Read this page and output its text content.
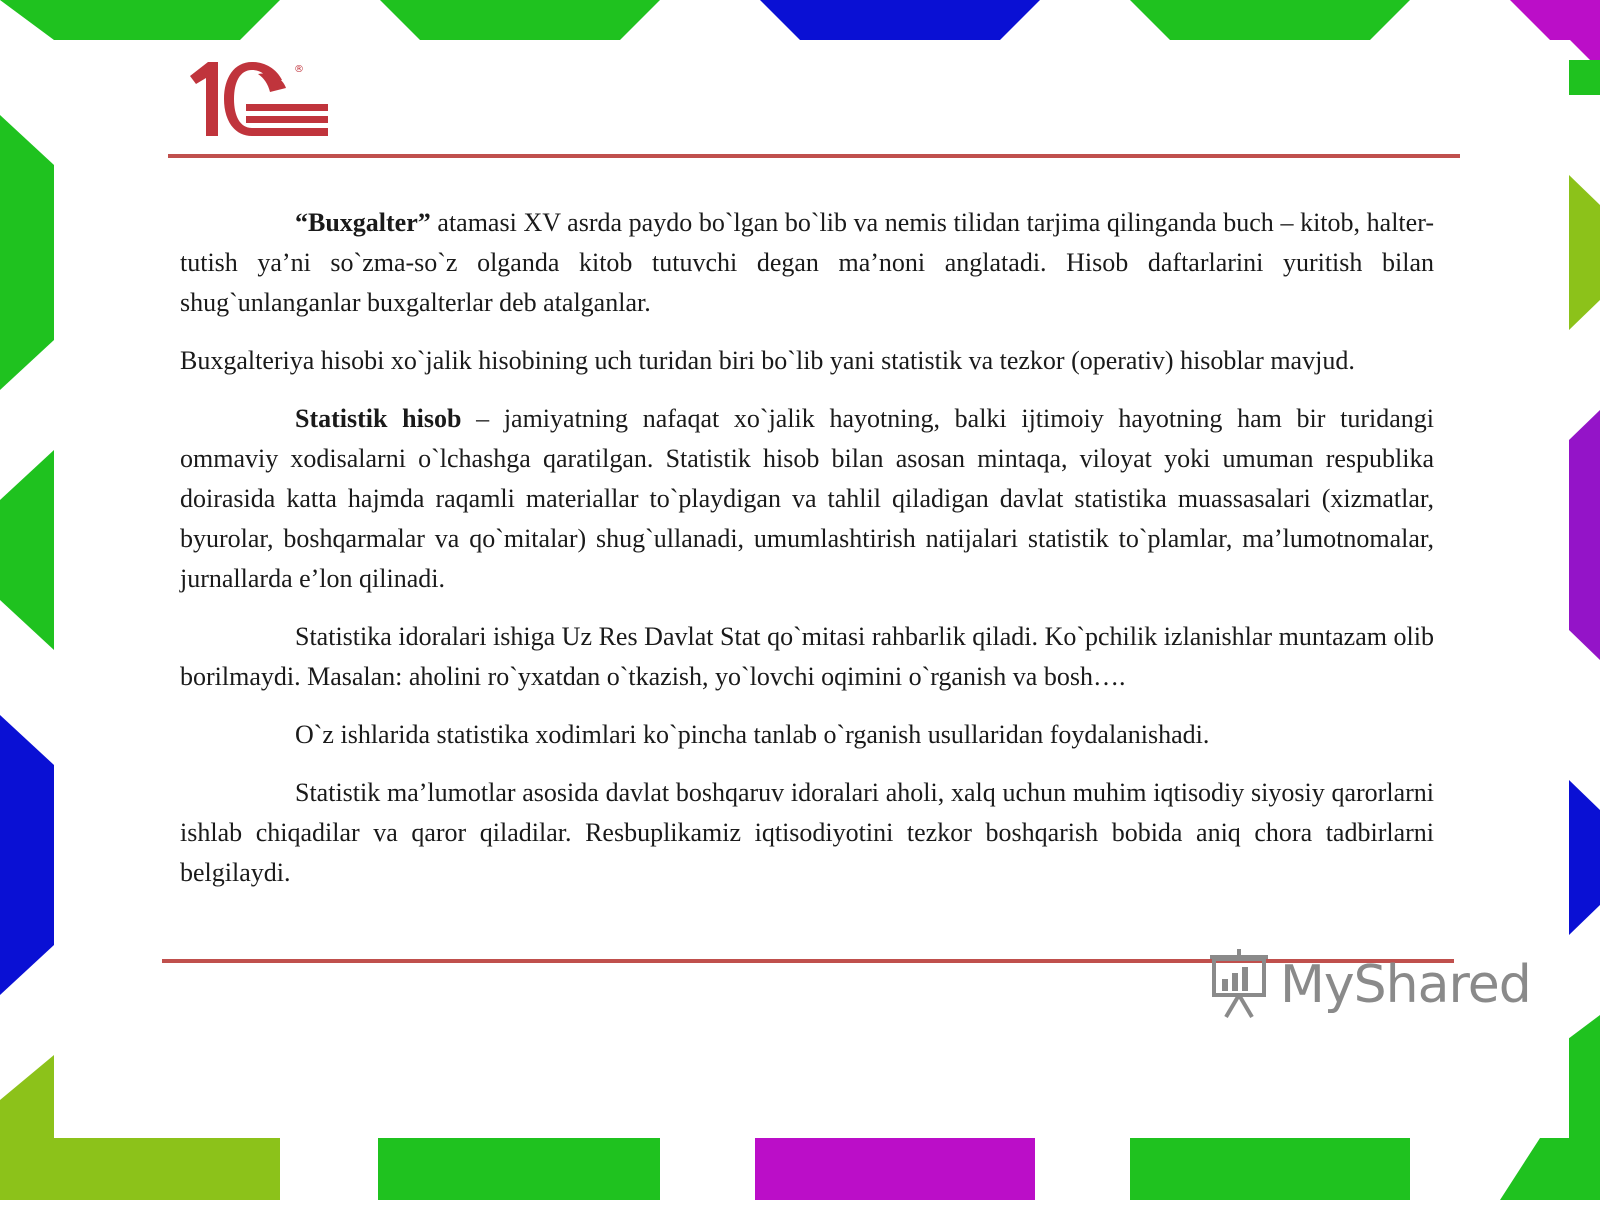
®

“Buxgalter” atamasi XV asrda paydo bo`lgan bo`lib va nemis tilidan tarjima qilinganda buch – kitob, halter- tutish ya’ni so`zma-so`z olganda kitob tutuvchi degan ma’noni anglatadi. Hisob daftarlarini yuritish bilan shug`unlanganlar buxgalterlar deb atalganlar.

Buxgalteriya hisobi xo`jalik hisobining uch turidan biri bo`lib yani statistik va tezkor (operativ) hisoblar mavjud.

Statistik hisob – jamiyatning nafaqat xo`jalik hayotning, balki ijtimoiy hayotning ham bir turidangi ommaviy xodisalarni o`lchashga qaratilgan. Statistik hisob bilan asosan mintaqa, viloyat yoki umuman respublika doirasida katta hajmda raqamli materiallar to`playdigan va tahlil qiladigan davlat statistika muassasalari (xizmatlar, byurolar, boshqarmalar va qo`mitalar) shug`ullanadi, umumlashtirish natijalari statistik to`plamlar, ma’lumotnomalar, jurnallarda e’lon qilinadi.

Statistika idoralari ishiga Uz Res Davlat Stat qo`mitasi rahbarlik qiladi. Ko`pchilik izlanishlar muntazam olib borilmaydi. Masalan: aholini ro`yxatdan o`tkazish, yo`lovchi oqimini o`rganish va bosh….

O`z ishlarida statistika xodimlari ko`pincha tanlab o`rganish usullaridan foydalanishadi.

Statistik ma’lumotlar asosida davlat boshqaruv idoralari aholi, xalq uchun muhim iqtisodiy siyosiy qarorlarni ishlab chiqadilar va qaror qiladilar. Resbuplikamiz iqtisodiyotini tezkor boshqarish bobida aniq chora tadbirlarni belgilaydi.

MyShared
